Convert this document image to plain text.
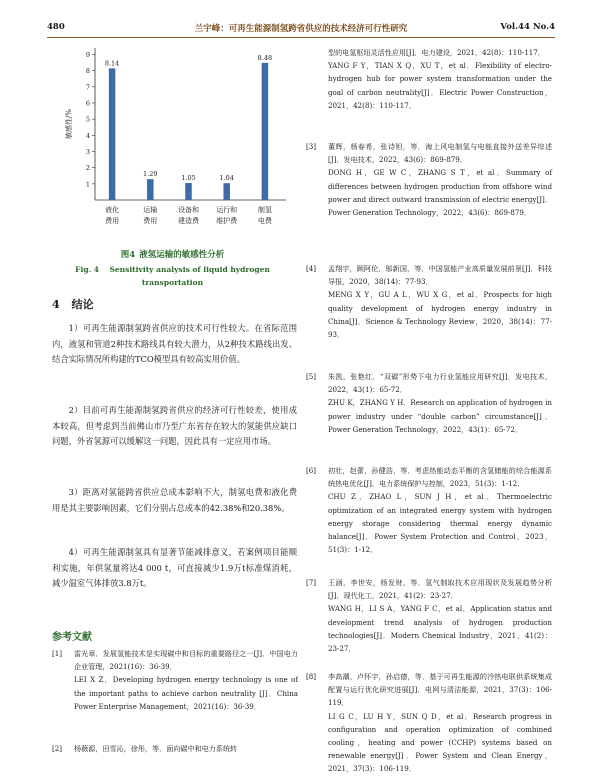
480	兰宇峰：可再生能源制氢跨省供应的技术经济可行性研究	Vol.44 No.4
1
2
3
4
5
6
7
8
9
敏感性/%
8.14
液化
费用
1.29
运输
费用
1.05
设备和
建造费
1.04
运行和
维护费
8.48
制氢
电费
图4 液氢运输的敏感性分析
Fig. 4    Sensitivity analysis of liquid hydrogen
transportation
4 结论
1）可再生能源制氢跨省供应的技术可行性较大。在省际范围内，液氢和管道2种技术路线具有较大潜力，从2种技术路线出发、结合实际情况所构建的TCO模型具有较高实用价值。
2）目前可再生能源制氢跨省供应的经济可行性较差，使用成本较高，但考虑到当前佛山市乃至广东省存在较大的氢能供应缺口问题，外省氢源可以缓解这一问题，因此具有一定应用市场。
3）距离对氢能跨省供应总成本影响不大，制氢电费和液化费用是其主要影响因素，它们分别占总成本的42.38%和20.38%。
4）可再生能源制氢具有显著节能减排意义，若案例项目能顺利实施，年供氢量将达4 000 t，可直接减少1.9万t标准煤消耗，减少温室气体排放3.8万t。
参考文献
[1] 雷光章．发展氢能技术是实现碳中和目标的重要路径之一[J]．中国电力企业管理，2021(16)：36-39．

LEI X Z．Developing hydrogen energy technology is one of the important paths to achieve carbon neutrality [J]．China Power Enterprise Management，2021(16)：36-39．

[2] 杨薇源，田雪沁，徐彤，等．面向碳中和电力系统转

型的电氢枢纽灵活性应用[J]．电力建设，2021，42(8)：110-117．

YANG F Y，TIAN X Q，XU T，et al．Flexibility of electro-hydrogen hub for power system transformation under the goal of carbon neutrality[J]．Electric Power Construction，2021，42(8)：110-117．

[3] 董辉，杨春希，张诗钽，等．海上风电制氢与电能直接外送差异综述[J]．发电技术，2022，43(6)：869-879．

DONG H，GE W C，ZHANG S T，et al．Summary of differences between hydrogen production from offshore wind power and direct outward transmission of electric energy[J]．Power Generation Technology，2022，43(6)：869-879．

[4] 孟翔宇，顾阿伦，邬新国，等．中国氢能产业高质量发展前景[J]．科技导报，2020，38(14)：77-93．

MENG X Y，GU A L，WU X G，et al．Prospects for high quality development of hydrogen energy industry in China[J]．Science & Technology Review，2020，38(14)：77-93．

[5] 朱凯，张艳红．“双碳”形势下电力行业氢能应用研究[J]．发电技术，2022，43(1)：65-72．

ZHU K，ZHANG Y H．Research on application of hydrogen in power industry under “double carbon” circumstance[J]．Power Generation Technology，2022，43(1)：65-72．

[6] 初壮，赵蕾，孙健浩，等．考虑热能动态平衡的含氢储能的综合能源系统热电优化[J]．电力系统保护与控制，2023，51(3)：1-12．

CHU Z，ZHAO L，SUN J H，et al．Thermoelectric optimization of an integrated energy system with hydrogen energy storage considering thermal energy dynamic balance[J]．Power System Protection and Control，2023，51(3)：1-12．

[7] 王涵，李世安，杨发财，等．氢气制取技术应用现状及发展趋势分析[J]．现代化工，2021，41(2)：23-27．

WANG H，LI S A，YANG F C，et al．Application status and development trend analysis of hydrogen production technologies[J]．Modern Chemical Industry，2021，41(2)：23-27．

[8] 李高潮，卢怀宇，孙启德，等．基于可再生能源的冷热电联供系统集成配置与运行优化研究进展[J]．电网与清洁能源，2021，37(3)：106-119．

LI G C，LU H Y，SUN Q D，et al．Research progress in configuration and operation optimization of combined cooling，heating and power (CCHP) systems based on renewable energy[J]．Power System and Clean Energy，2021，37(3)：106-119．
